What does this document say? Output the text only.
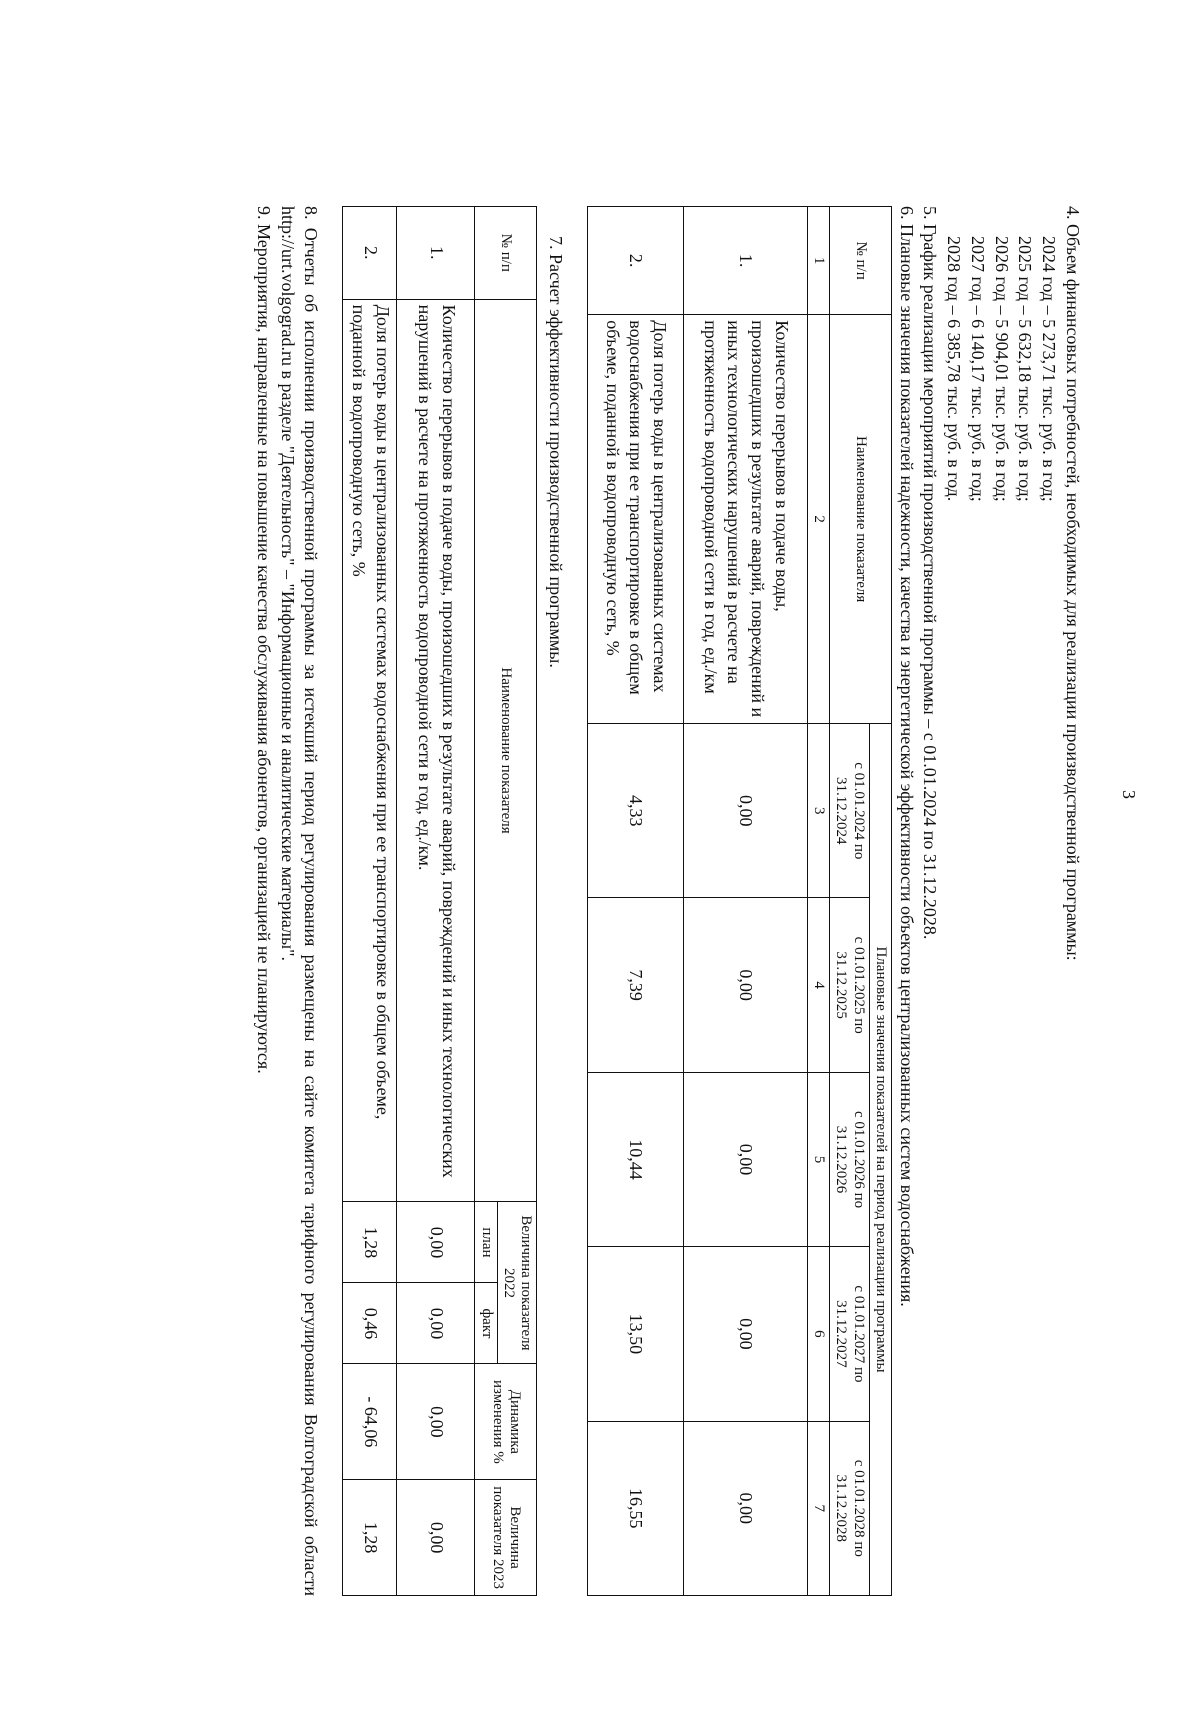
3

4. Объем финансовых потребностей, необходимых для реализации производственной программы:

2024 год – 5 273,71 тыс. руб. в год;

2025 год – 5 632,18 тыс. руб. в год;

2026 год – 5 904,01 тыс. руб. в год;

2027 год – 6 140,17 тыс. руб. в год;

2028 год – 6 385,78 тыс. руб. в год.

5. График реализации мероприятий производственной программы – с 01.01.2024 по 31.12.2028.

6. Плановые значения показателей надежности, качества и энергетической эффективности объектов централизованных систем водоснабжения.

№ п/п	Наименование показателя	Плановые значения показателей на период реализации программы				
		с 01.01.2024 по 31.12.2024	с 01.01.2025 по 31.12.2025	с 01.01.2026 по 31.12.2026	с 01.01.2027 по 31.12.2027	с 01.01.2028 по 31.12.2028
1	2	3	4	5	6	7
1.	Количество перерывов в подаче воды, произошедших в результате аварий, повреждений и иных технологических нарушений в расчете на протяженность водопроводной сети в год, ед./км	0,00	0,00	0,00	0,00	0,00
2.	Доля потерь воды в централизованных системах водоснабжения при ее транспортировке в общем объеме, поданной в водопроводную сеть, %	4,33	7,39	10,44	13,50	16,55

7. Расчет эффективности производственной программы.

№ п/п	Наименование показателя	Величина показателя 2022		Динамика изменения %	Величина показателя 2023
		план	факт		
1.	Количество перерывов в подаче воды, произошедших в результате аварий, повреждений и иных технологических нарушений в расчете на протяженность водопроводной сети в год, ед./км.	0,00	0,00	0,00	0,00
2.	Доля потерь воды в централизованных системах водоснабжения при ее транспортировке в общем объеме, поданной в водопроводную сеть, %	1,28	0,46	- 64,06	1,28

8. Отчеты об исполнении производственной программы за истекший период регулирования размещены на сайте комитета тарифного регулирования Волгоградской области http://urt.volgograd.ru в разделе "Деятельность" – "Информационные и аналитические материалы".

9. Мероприятия, направленные на повышение качества обслуживания абонентов, организацией не планируются.
